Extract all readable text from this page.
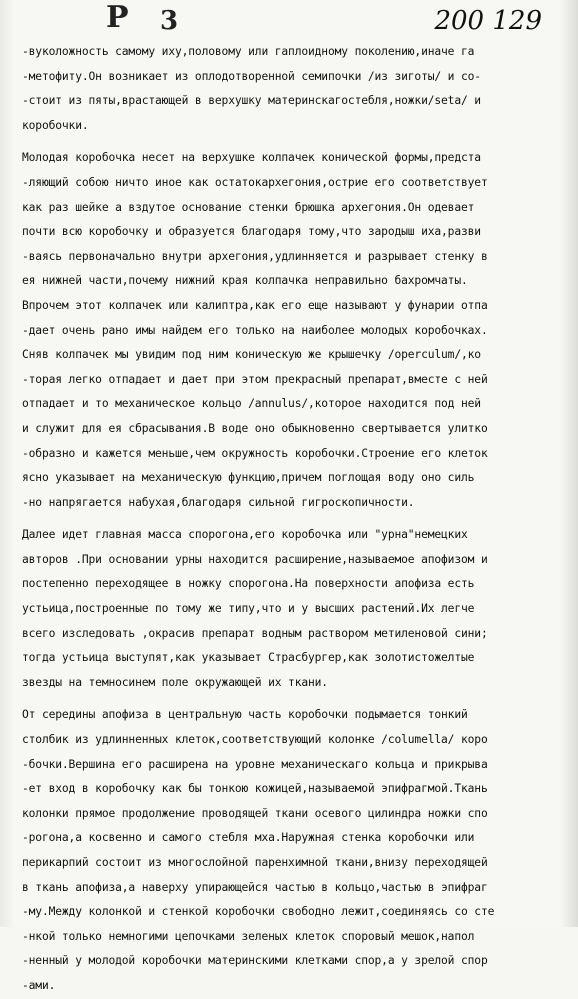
P 3	200 129
-вуколожность самому иху,половому или гаплоидному поколению,иначе га
-метофиту.Он возникает из оплодотворенной семипочки /из зиготы/ и со-
-стоит из пяты,врастающей в верхушку материнскагостебля,ножки/seta/ и
коробочки.
Молодая коробочка несет на верхушке колпачек конической формы,предста
-ляющий собою ничто иное как остатокархегония,острие его соответствует
как раз шейке а вздутое основание стенки брюшка архегония.Он одевает
почти всю коробочку и образуется благодаря тому,что зародыш иха,разви
-ваясь первоначально внутри архегония,удлинняется и разрывает стенку в
ея нижней части,почему нижний края колпачка неправильно бахромчаты.
Впрочем этот колпачек или калиптра,как его еще называют у фунарии отпа
-дает очень рано имы найдем его только на наиболее молодых коробочках.
Сняв колпачек мы увидим под ним коническую же крышечку /operculum/,ко
-торая легко отпадает и дает при этом прекрасный препарат,вместе с ней
отпадает и то механическое кольцо /annulus/,которое находится под ней
и служит для ея сбрасывания.В воде оно обыкновенно свертывается улитко
-образно и кажется меньше,чем окружность коробочки.Строение его клеток
ясно указывает на механическую функцию,причем поглощая воду оно силь
-но напрягается набухая,благодаря сильной гигроскопичности.
Далее идет главная масса спорогона,его коробочка или "урна"немецких
авторов .При основании урны находится расширение,называемое апофизом и
постепенно переходящее в ножку спорогона.На поверхности апофиза есть
устьица,построенные по тому же типу,что и у высших растений.Их легче
всего изследовать ,окрасив препарат водным раствором метиленовой сини;
тогда устьица выступят,как указывает Страсбургер,как золотистожелтые
звезды на темносинем поле окружающей их ткани.
От середины апофиза в центральную часть коробочки подымается тонкий
столбик из удлинненных клеток,соответствующий колонке /columella/ коро
-бочки.Вершина его расширена на уровне механическаго кольца и прикрыва
-ет вход в коробочку как бы тонкою кожицей,называемой эпифрагмой.Ткань
колонки прямое продолжение проводящей ткани осевого цилиндра ножки спо
-рогона,а косвенно и самого стебля мха.Наружная стенка коробочки или
перикарпий состоит из многослойной паренхимной ткани,внизу переходящей
в ткань апофиза,а наверху упирающейся частью в кольцо,частью в эпифраг
-му.Между колонкой и стенкой коробочки свободно лежит,соединяясь со сте
-нкой только немногими цепочками зеленых клеток споровый мешок,напол
-ненный у молодой коробочки материнскими клетками спор,а у зрелой спор
-ами.
